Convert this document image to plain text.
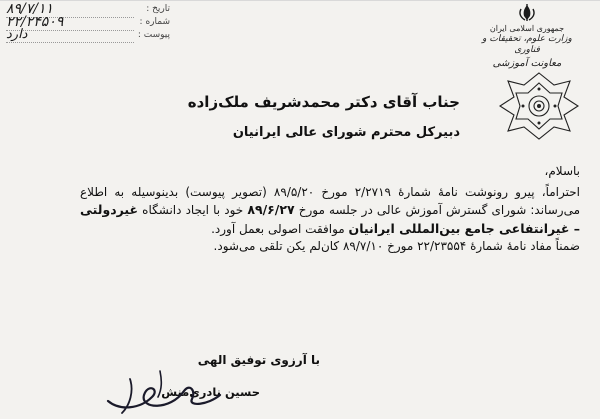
جمهوری اسلامی ایران
وزارت علوم، تحقیقات و فناوری
معاونت آموزشی
تاریخ :
۸۹/۷/۱۱
شماره :
۲۲/۲۴۵۰۹
پیوست :
دارد
جناب آقای دکتر محمدشریف ملک‌زاده
دبیرکل محترم شورای عالی ایرانیان

باسلام،

احتراماً، پیرو رونوشت نامهٔ شمارهٔ ۲/۲۷۱۹ مورخ ۸۹/۵/۲۰ (تصویر پیوست) بدینوسیله به اطلاع می‌رساند: شورای گسترش آموزش عالی در جلسه مورخ ۸۹/۶/۲۷ خود با ایجاد دانشگاه غیردولتی – غیرانتفاعی جامع بین‌المللی ایرانیان موافقت اصولی بعمل آورد.

ضمناً مفاد نامهٔ شمارهٔ ۲۲/۲۳۵۵۴ مورخ ۸۹/۷/۱۰ کان‌لم یکن تلقی می‌شود.

با آرزوی توفیق الهی
حسین نادری‌منش
